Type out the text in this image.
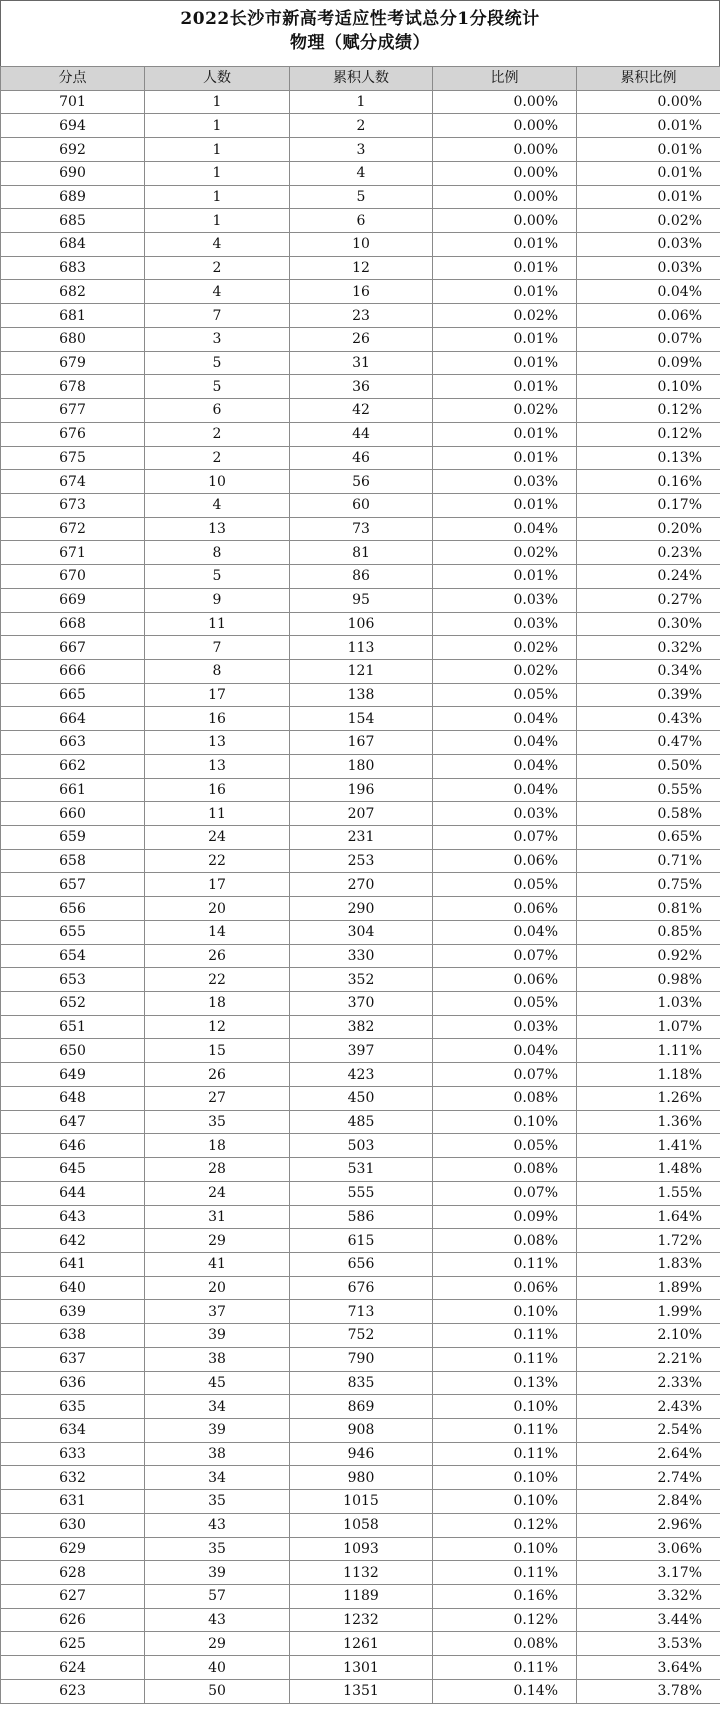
2022长沙市新高考适应性考试总分1分段统计
物理（赋分成绩）
分点	人数	累积人数	比例	累积比例
701	1	1	0.00%	0.00%
694	1	2	0.00%	0.01%
692	1	3	0.00%	0.01%
690	1	4	0.00%	0.01%
689	1	5	0.00%	0.01%
685	1	6	0.00%	0.02%
684	4	10	0.01%	0.03%
683	2	12	0.01%	0.03%
682	4	16	0.01%	0.04%
681	7	23	0.02%	0.06%
680	3	26	0.01%	0.07%
679	5	31	0.01%	0.09%
678	5	36	0.01%	0.10%
677	6	42	0.02%	0.12%
676	2	44	0.01%	0.12%
675	2	46	0.01%	0.13%
674	10	56	0.03%	0.16%
673	4	60	0.01%	0.17%
672	13	73	0.04%	0.20%
671	8	81	0.02%	0.23%
670	5	86	0.01%	0.24%
669	9	95	0.03%	0.27%
668	11	106	0.03%	0.30%
667	7	113	0.02%	0.32%
666	8	121	0.02%	0.34%
665	17	138	0.05%	0.39%
664	16	154	0.04%	0.43%
663	13	167	0.04%	0.47%
662	13	180	0.04%	0.50%
661	16	196	0.04%	0.55%
660	11	207	0.03%	0.58%
659	24	231	0.07%	0.65%
658	22	253	0.06%	0.71%
657	17	270	0.05%	0.75%
656	20	290	0.06%	0.81%
655	14	304	0.04%	0.85%
654	26	330	0.07%	0.92%
653	22	352	0.06%	0.98%
652	18	370	0.05%	1.03%
651	12	382	0.03%	1.07%
650	15	397	0.04%	1.11%
649	26	423	0.07%	1.18%
648	27	450	0.08%	1.26%
647	35	485	0.10%	1.36%
646	18	503	0.05%	1.41%
645	28	531	0.08%	1.48%
644	24	555	0.07%	1.55%
643	31	586	0.09%	1.64%
642	29	615	0.08%	1.72%
641	41	656	0.11%	1.83%
640	20	676	0.06%	1.89%
639	37	713	0.10%	1.99%
638	39	752	0.11%	2.10%
637	38	790	0.11%	2.21%
636	45	835	0.13%	2.33%
635	34	869	0.10%	2.43%
634	39	908	0.11%	2.54%
633	38	946	0.11%	2.64%
632	34	980	0.10%	2.74%
631	35	1015	0.10%	2.84%
630	43	1058	0.12%	2.96%
629	35	1093	0.10%	3.06%
628	39	1132	0.11%	3.17%
627	57	1189	0.16%	3.32%
626	43	1232	0.12%	3.44%
625	29	1261	0.08%	3.53%
624	40	1301	0.11%	3.64%
623	50	1351	0.14%	3.78%
